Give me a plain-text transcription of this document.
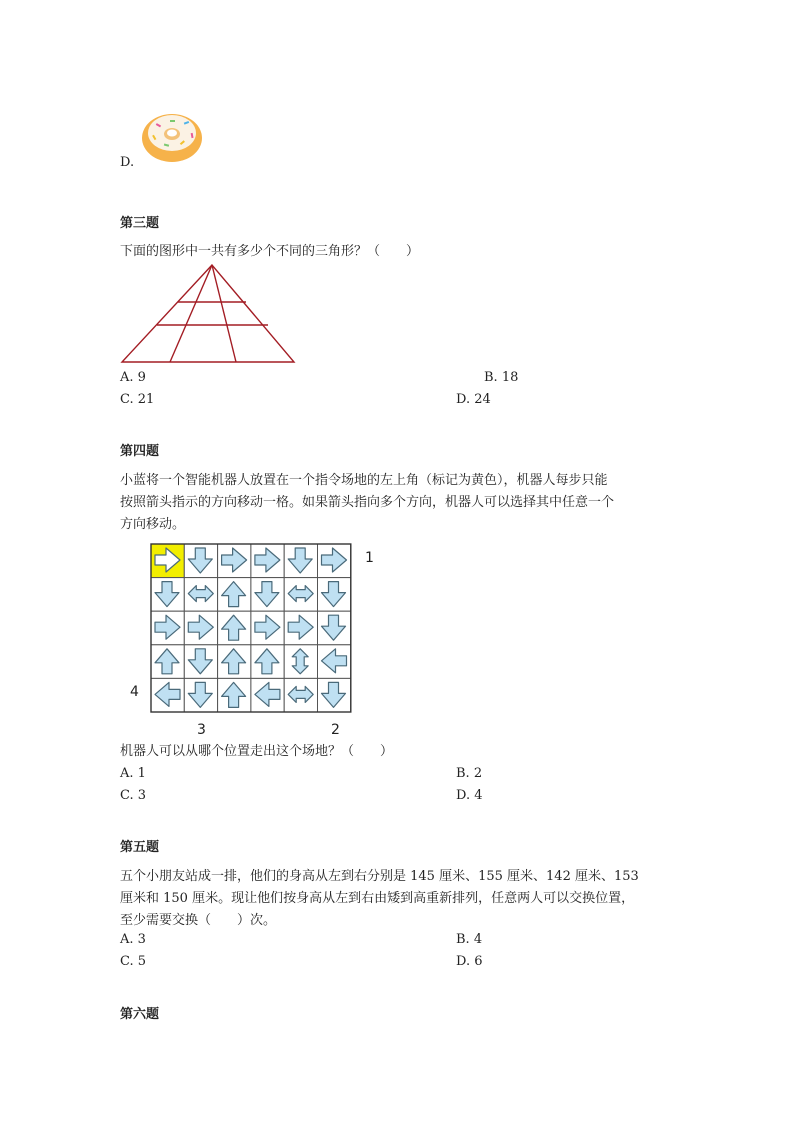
D.
第三题
下面的图形中一共有多少个不同的三角形？（　　）
A. 9	B. 18
C. 21	D. 24
第四题
小蓝将一个智能机器人放置在一个指令场地的左上角（标记为黄色），机器人每步只能
按照箭头指示的方向移动一格。如果箭头指向多个方向，机器人可以选择其中任意一个
方向移动。
1
4
3	2
机器人可以从哪个位置走出这个场地？（　　）
A. 1	B. 2
C. 3	D. 4
第五题
五个小朋友站成一排，他们的身高从左到右分别是 145 厘米、155 厘米、142 厘米、153
厘米和 150 厘米。现让他们按身高从左到右由矮到高重新排列，任意两人可以交换位置，
至少需要交换（　　）次。
A. 3	B. 4
C. 5	D. 6
第六题
